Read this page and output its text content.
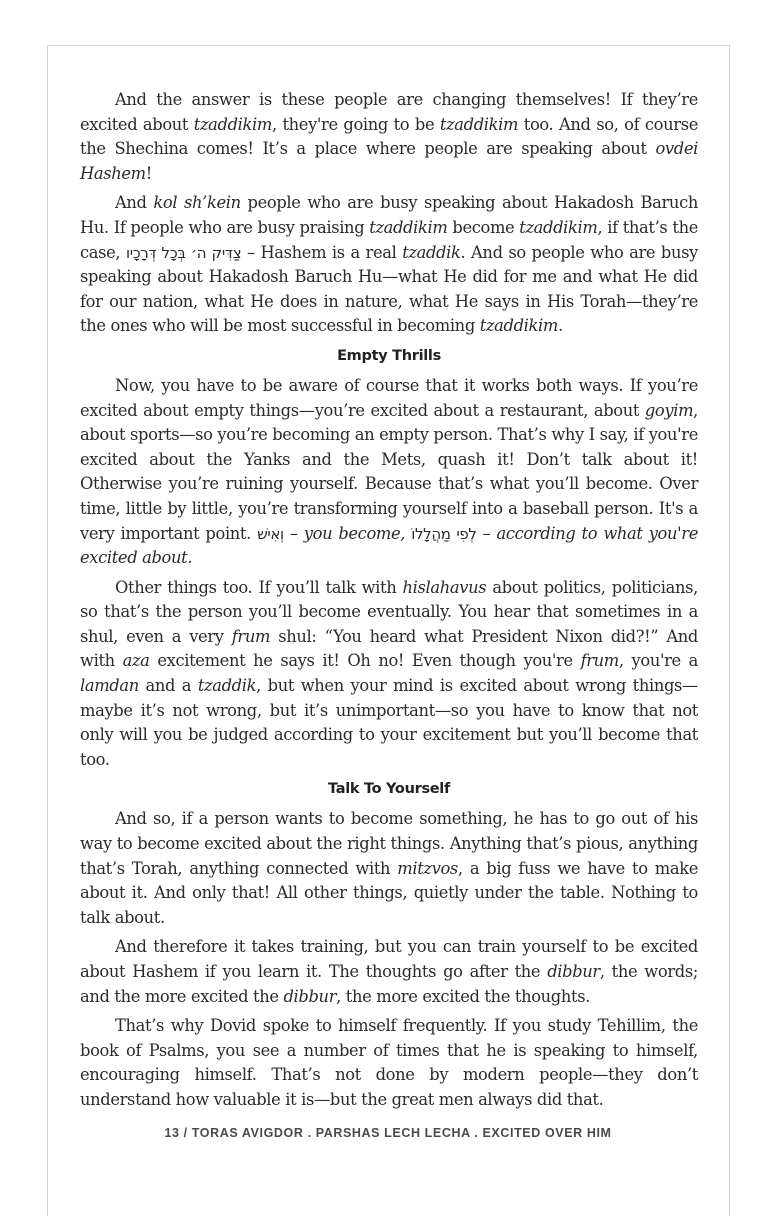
And the answer is these people are changing themselves! If they’re excited about tzaddikim, they're going to be tzaddikim too. And so, of course the Shechina comes! It’s a place where people are speaking about ovdei Hashem!

And kol sh’kein people who are busy speaking about Hakadosh Baruch Hu. If people who are busy praising tzaddikim become tzaddikim, if that’s the case, צַדִּיק ה׳ בְּכָל דְּרָכָיו – Hashem is a real tzaddik. And so people who are busy speaking about Hakadosh Baruch Hu—what He did for me and what He did for our nation, what He does in nature, what He says in His Torah—they’re the ones who will be most successful in becoming tzaddikim.

Empty Thrills

Now, you have to be aware of course that it works both ways. If you’re excited about empty things—you’re excited about a restaurant, about goyim, about sports—so you’re becoming an empty person. That’s why I say, if you're excited about the Yanks and the Mets, quash it! Don’t talk about it! Otherwise you’re ruining yourself. Because that’s what you’ll become. Over time, little by little, you’re transforming yourself into a baseball person. It's a very important point. וְאִישׁ – you become, לְפִי מַהֲלָלוֹ – according to what you're excited about.

Other things too. If you’ll talk with hislahavus about politics, politicians, so that’s the person you’ll become eventually. You hear that sometimes in a shul, even a very frum shul: “You heard what President Nixon did?!” And with aza excitement he says it! Oh no! Even though you're frum, you're a lamdan and a tzaddik, but when your mind is excited about wrong things—maybe it’s not wrong, but it’s unimportant—so you have to know that not only will you be judged according to your excitement but you’ll become that too.

Talk To Yourself

And so, if a person wants to become something, he has to go out of his way to become excited about the right things. Anything that’s pious, anything that’s Torah, anything connected with mitzvos, a big fuss we have to make about it. And only that! All other things, quietly under the table. Nothing to talk about.

And therefore it takes training, but you can train yourself to be excited about Hashem if you learn it. The thoughts go after the dibbur, the words; and the more excited the dibbur, the more excited the thoughts.

That’s why Dovid spoke to himself frequently. If you study Tehillim, the book of Psalms, you see a number of times that he is speaking to himself, encouraging himself. That’s not done by modern people—they don’t understand how valuable it is—but the great men always did that.

13 / TORAS AVIGDOR . PARSHAS LECH LECHA . EXCITED OVER HIM
